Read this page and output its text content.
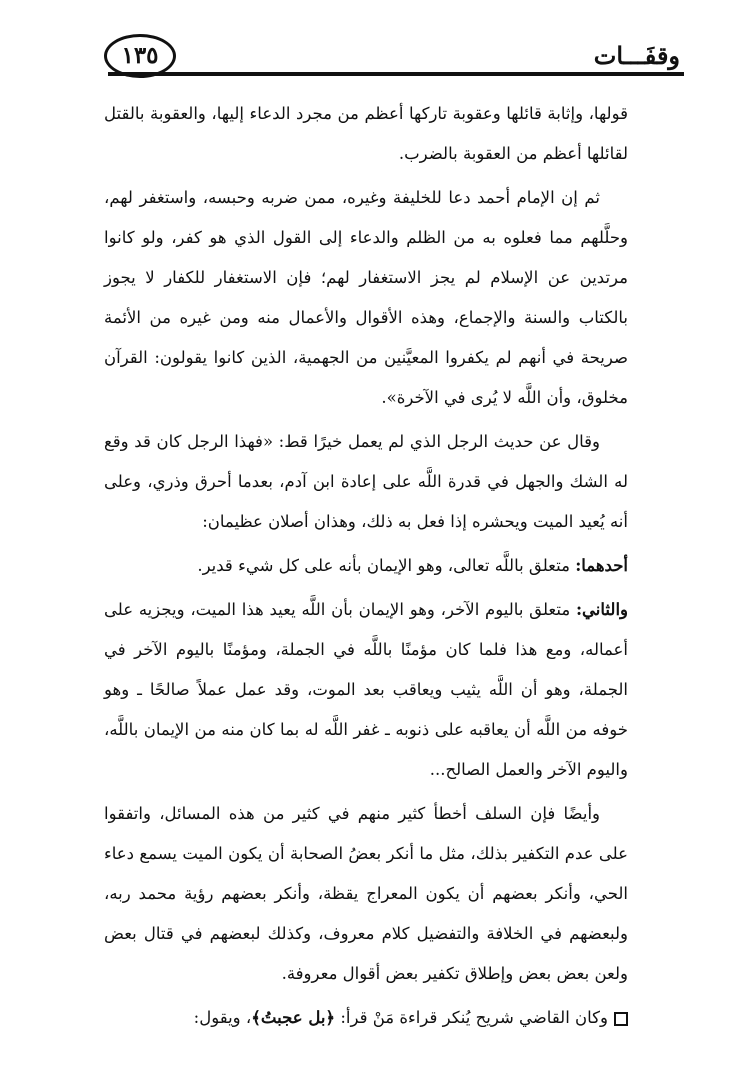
وقفَـــات
١٣٥

قولها، وإثابة قائلها وعقوبة تاركها أعظم من مجرد الدعاء إليها، والعقوبة بالقتل لقائلها أعظم من العقوبة بالضرب.

ثم إن الإمام أحمد دعا للخليفة وغيره، ممن ضربه وحبسه، واستغفر لهم، وحلَّلهم مما فعلوه به من الظلم والدعاء إلى القول الذي هو كفر، ولو كانوا مرتدين عن الإسلام لم يجز الاستغفار لهم؛ فإن الاستغفار للكفار لا يجوز بالكتاب والسنة والإجماع، وهذه الأقوال والأعمال منه ومن غيره من الأئمة صريحة في أنهم لم يكفروا المعيَّنين من الجهمية، الذين كانوا يقولون: القرآن مخلوق، وأن اللَّه لا يُرى في الآخرة».

وقال عن حديث الرجل الذي لم يعمل خيرًا قط: «فهذا الرجل كان قد وقع له الشك والجهل في قدرة اللَّه على إعادة ابن آدم، بعدما أحرق وذري، وعلى أنه يُعيد الميت ويحشره إذا فعل به ذلك، وهذان أصلان عظيمان:

أحدهما: متعلق باللَّه تعالى، وهو الإيمان بأنه على كل شيء قدير.

والثاني: متعلق باليوم الآخر، وهو الإيمان بأن اللَّه يعيد هذا الميت، ويجزيه على أعماله، ومع هذا فلما كان مؤمنًا باللَّه في الجملة، ومؤمنًا باليوم الآخر في الجملة، وهو أن اللَّه يثيب ويعاقب بعد الموت، وقد عمل عملاً صالحًا ـ وهو خوفه من اللَّه أن يعاقبه على ذنوبه ـ غفر اللَّه له بما كان منه من الإيمان باللَّه، واليوم الآخر والعمل الصالح...

وأيضًا فإن السلف أخطأ كثير منهم في كثير من هذه المسائل، واتفقوا على عدم التكفير بذلك، مثل ما أنكر بعضُ الصحابة أن يكون الميت يسمع دعاء الحي، وأنكر بعضهم أن يكون المعراج يقظة، وأنكر بعضهم رؤية محمد ربه، ولبعضهم في الخلافة والتفضيل كلام معروف، وكذلك لبعضهم في قتال بعض ولعن بعض بعض وإطلاق تكفير بعض أقوال معروفة.

وكان القاضي شريح يُنكر قراءة مَنْ قرأ: ﴿بل عجبتُ﴾، ويقول:
